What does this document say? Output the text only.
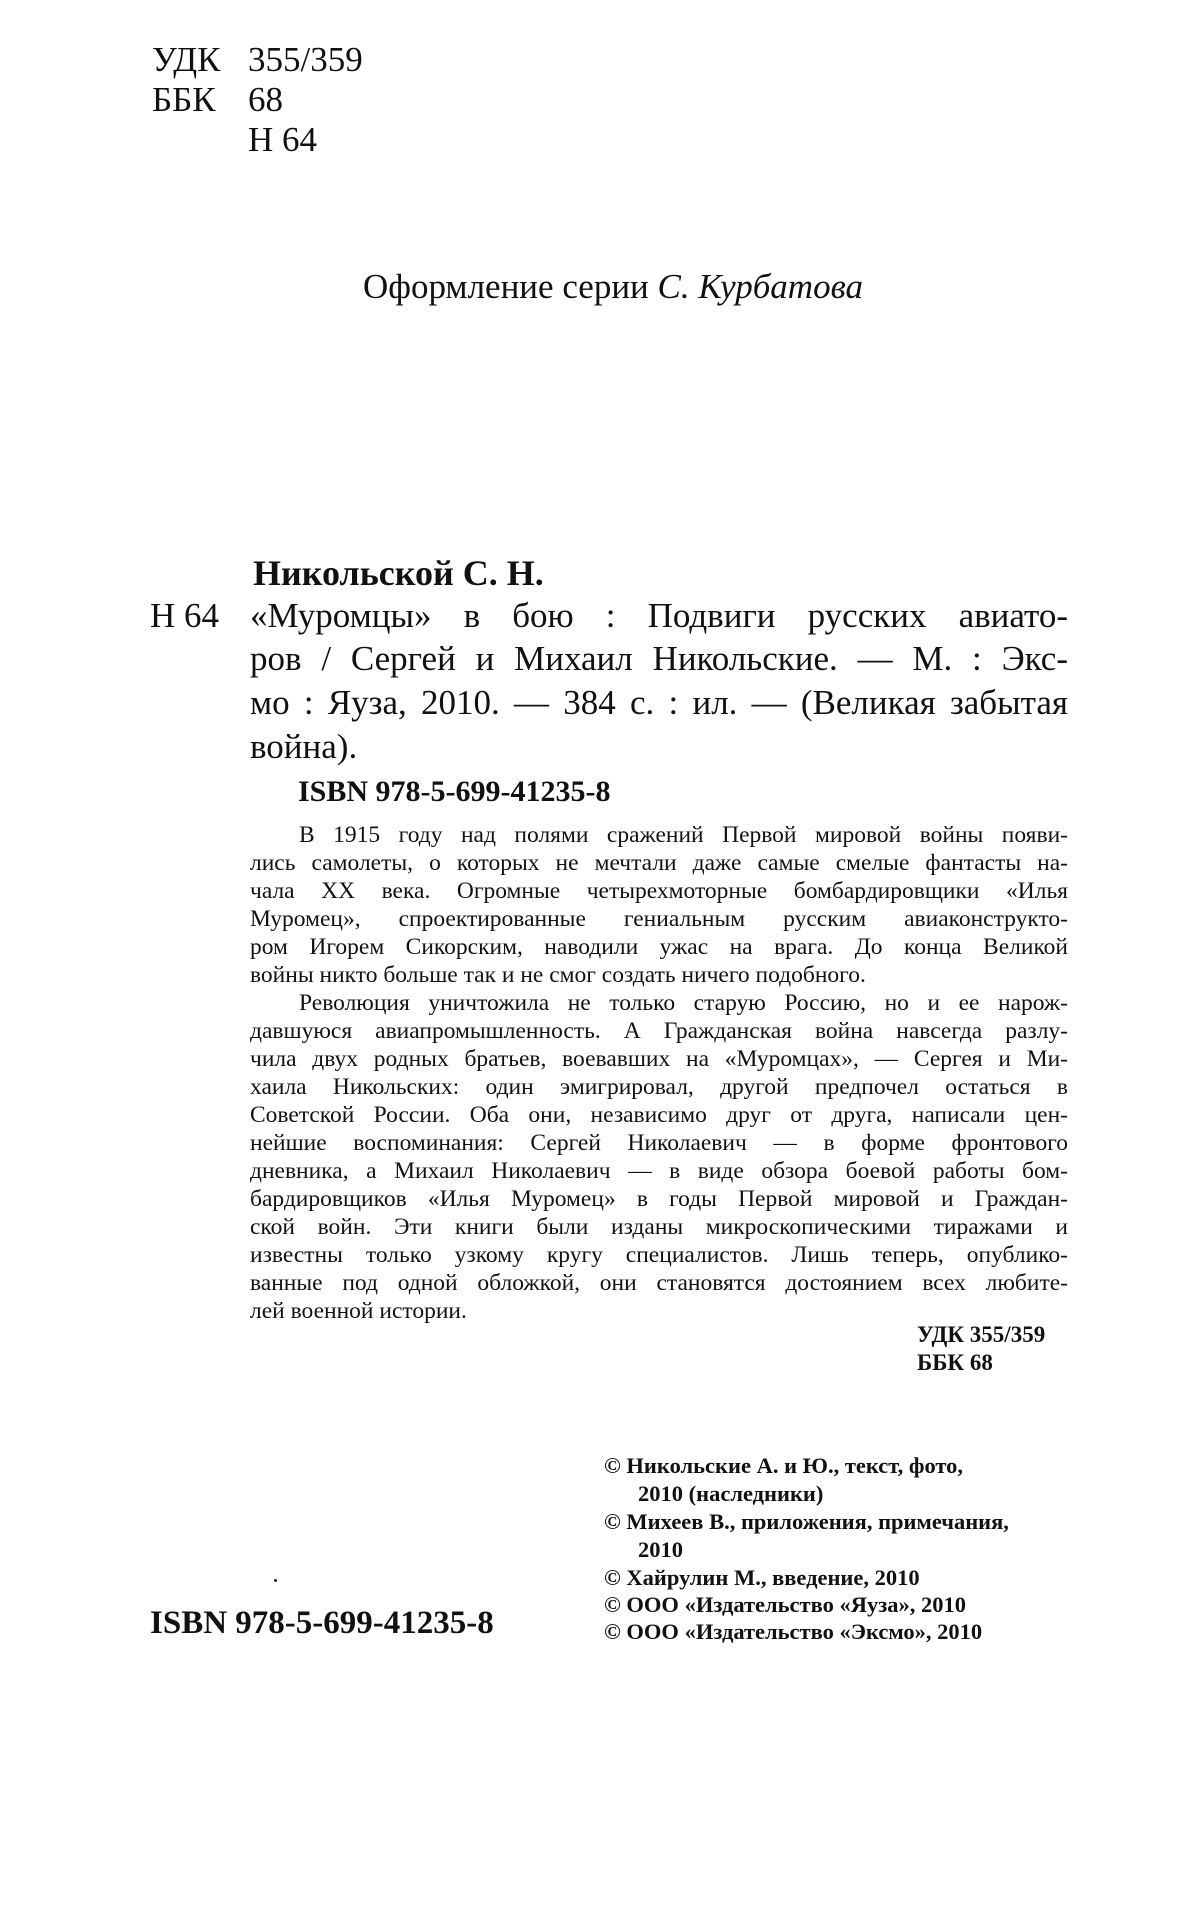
УДК 355/359
ББК 68
Н 64
Оформление серии С. Курбатова
Никольской С. Н.
Н 64 «Муромцы» в бою : Подвиги русских авиато-
ров / Сергей и Михаил Никольские. — М. : Экс-
мо : Яуза, 2010. — 384 с. : ил. — (Великая забытая
война).
ISBN 978-5-699-41235-8
В 1915 году над полями сражений Первой мировой войны появи-
лись самолеты, о которых не мечтали даже самые смелые фантасты на-
чала XX века. Огромные четырехмоторные бомбардировщики «Илья
Муромец», спроектированные гениальным русским авиаконструкто-
ром Игорем Сикорским, наводили ужас на врага. До конца Великой
войны никто больше так и не смог создать ничего подобного.
Революция уничтожила не только старую Россию, но и ее нарож-
давшуюся авиапромышленность. А Гражданская война навсегда разлу-
чила двух родных братьев, воевавших на «Муромцах», — Сергея и Ми-
хаила Никольских: один эмигрировал, другой предпочел остаться в
Советской России. Оба они, независимо друг от друга, написали цен-
нейшие воспоминания: Сергей Николаевич — в форме фронтового
дневника, а Михаил Николаевич — в виде обзора боевой работы бом-
бардировщиков «Илья Муромец» в годы Первой мировой и Граждан-
ской войн. Эти книги были изданы микроскопическими тиражами и
известны только узкому кругу специалистов. Лишь теперь, опублико-
ванные под одной обложкой, они становятся достоянием всех любите-
лей военной истории.
УДК 355/359
ББК 68
© Никольские А. и Ю., текст, фото,
2010 (наследники)
© Михеев В., приложения, примечания,
2010
© Хайрулин М., введение, 2010
© ООО «Издательство «Яуза», 2010
© ООО «Издательство «Эксмо», 2010
ISBN 978-5-699-41235-8
